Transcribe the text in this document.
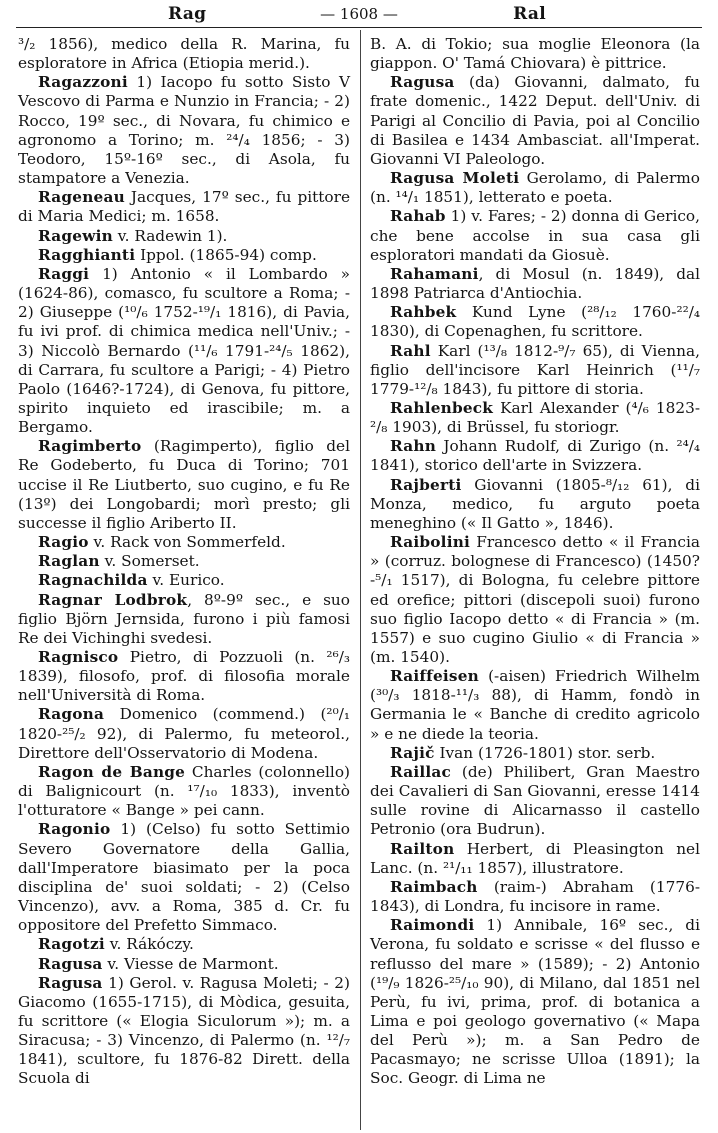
Rag	— 1608 —	Ral

³/₂ 1856), medico della R. Marina, fu esploratore in Africa (Etiopia merid.).

Ragazzoni 1) Iacopo fu sotto Sisto V Vescovo di Parma e Nunzio in Francia; - 2) Rocco, 19º sec., di Novara, fu chimico e agronomo a Torino; m. ²⁴/₄ 1856; - 3) Teodoro, 15º-16º sec., di Asola, fu stampatore a Venezia.

Rageneau Jacques, 17º sec., fu pittore di Maria Medici; m. 1658.

Ragewin v. Radewin 1).

Ragghianti Ippol. (1865-94) comp.

Raggi 1) Antonio « il Lombardo » (1624-86), comasco, fu scultore a Roma; - 2) Giuseppe (¹⁰/₆ 1752-¹⁹/₁ 1816), di Pavia, fu ivi prof. di chimica medica nell'Univ.; - 3) Niccolò Bernardo (¹¹/₆ 1791-²⁴/₅ 1862), di Carrara, fu scultore a Parigi; - 4) Pietro Paolo (1646?-1724), di Genova, fu pittore, spirito inquieto ed irascibile; m. a Bergamo.

Ragimberto (Ragimperto), figlio del Re Godeberto, fu Duca di Torino; 701 uccise il Re Liutberto, suo cugino, e fu Re (13º) dei Longobardi; morì presto; gli successe il figlio Ariberto II.

Ragio v. Rack von Sommerfeld.

Raglan v. Somerset.

Ragnachilda v. Eurico.

Ragnar Lodbrok, 8º-9º sec., e suo figlio Björn Jernsida, furono i più famosi Re dei Vichinghi svedesi.

Ragnisco Pietro, di Pozzuoli (n. ²⁶/₃ 1839), filosofo, prof. di filosofia morale nell'Università di Roma.

Ragona Domenico (commend.) (²⁰/₁ 1820-²⁵/₂ 92), di Palermo, fu meteorol., Direttore dell'Osservatorio di Modena.

Ragon de Bange Charles (colonnello) di Balignicourt (n. ¹⁷/₁₀ 1833), inventò l'otturatore « Bange » pei cann.

Ragonio 1) (Celso) fu sotto Settimio Severo Governatore della Gallia, dall'Imperatore biasimato per la poca disciplina de' suoi soldati; - 2) (Celso Vincenzo), avv. a Roma, 385 d. Cr. fu oppositore del Prefetto Simmaco.

Ragotzi v. Rákóczy.

Ragusa v. Viesse de Marmont.

Ragusa 1) Gerol. v. Ragusa Moleti; - 2) Giacomo (1655-1715), di Mòdica, gesuita, fu scrittore (« Elogia Siculorum »); m. a Siracusa; - 3) Vincenzo, di Palermo (n. ¹²/₇ 1841), scultore, fu 1876-82 Dirett. della Scuola di

B. A. di Tokio; sua moglie Eleonora (la giappon. O' Tamá Chiovara) è pittrice.

Ragusa (da) Giovanni, dalmato, fu frate domenic., 1422 Deput. dell'Univ. di Parigi al Concilio di Pavia, poi al Concilio di Basilea e 1434 Ambasciat. all'Imperat. Giovanni VI Paleologo.

Ragusa Moleti Gerolamo, di Palermo (n. ¹⁴/₁ 1851), letterato e poeta.

Rahab 1) v. Fares; - 2) donna di Gerico, che bene accolse in sua casa gli esploratori mandati da Giosuè.

Rahamani, di Mosul (n. 1849), dal 1898 Patriarca d'Antiochia.

Rahbek Kund Lyne (²⁸/₁₂ 1760-²²/₄ 1830), di Copenaghen, fu scrittore.

Rahl Karl (¹³/₈ 1812-⁹/₇ 65), di Vienna, figlio dell'incisore Karl Heinrich (¹¹/₇ 1779-¹²/₈ 1843), fu pittore di storia.

Rahlenbeck Karl Alexander (⁴/₆ 1823-²/₈ 1903), di Brüssel, fu storiogr.

Rahn Johann Rudolf, di Zurigo (n. ²⁴/₄ 1841), storico dell'arte in Svizzera.

Rajberti Giovanni (1805-⁸/₁₂ 61), di Monza, medico, fu arguto poeta meneghino (« Il Gatto », 1846).

Raibolini Francesco detto « il Francia » (corruz. bolognese di Francesco) (1450?-⁵/₁ 1517), di Bologna, fu celebre pittore ed orefice; pittori (discepoli suoi) furono suo figlio Iacopo detto « di Francia » (m. 1557) e suo cugino Giulio « di Francia » (m. 1540).

Raiffeisen (-aisen) Friedrich Wilhelm (³⁰/₃ 1818-¹¹/₃ 88), di Hamm, fondò in Germania le « Banche di credito agricolo » e ne diede la teoria.

Rajič Ivan (1726-1801) stor. serb.

Raillac (de) Philibert, Gran Maestro dei Cavalieri di San Giovanni, eresse 1414 sulle rovine di Alicarnasso il castello Petronio (ora Budrun).

Railton Herbert, di Pleasington nel Lanc. (n. ²¹/₁₁ 1857), illustratore.

Raimbach (raim-) Abraham (1776-1843), di Londra, fu incisore in rame.

Raimondi 1) Annibale, 16º sec., di Verona, fu soldato e scrisse « del flusso e reflusso del mare » (1589); - 2) Antonio (¹⁹/₉ 1826-²⁵/₁₀ 90), di Milano, dal 1851 nel Perù, fu ivi, prima, prof. di botanica a Lima e poi geologo governativo (« Mapa del Perù »); m. a San Pedro de Pacasmayo; ne scrisse Ulloa (1891); la Soc. Geogr. di Lima ne
